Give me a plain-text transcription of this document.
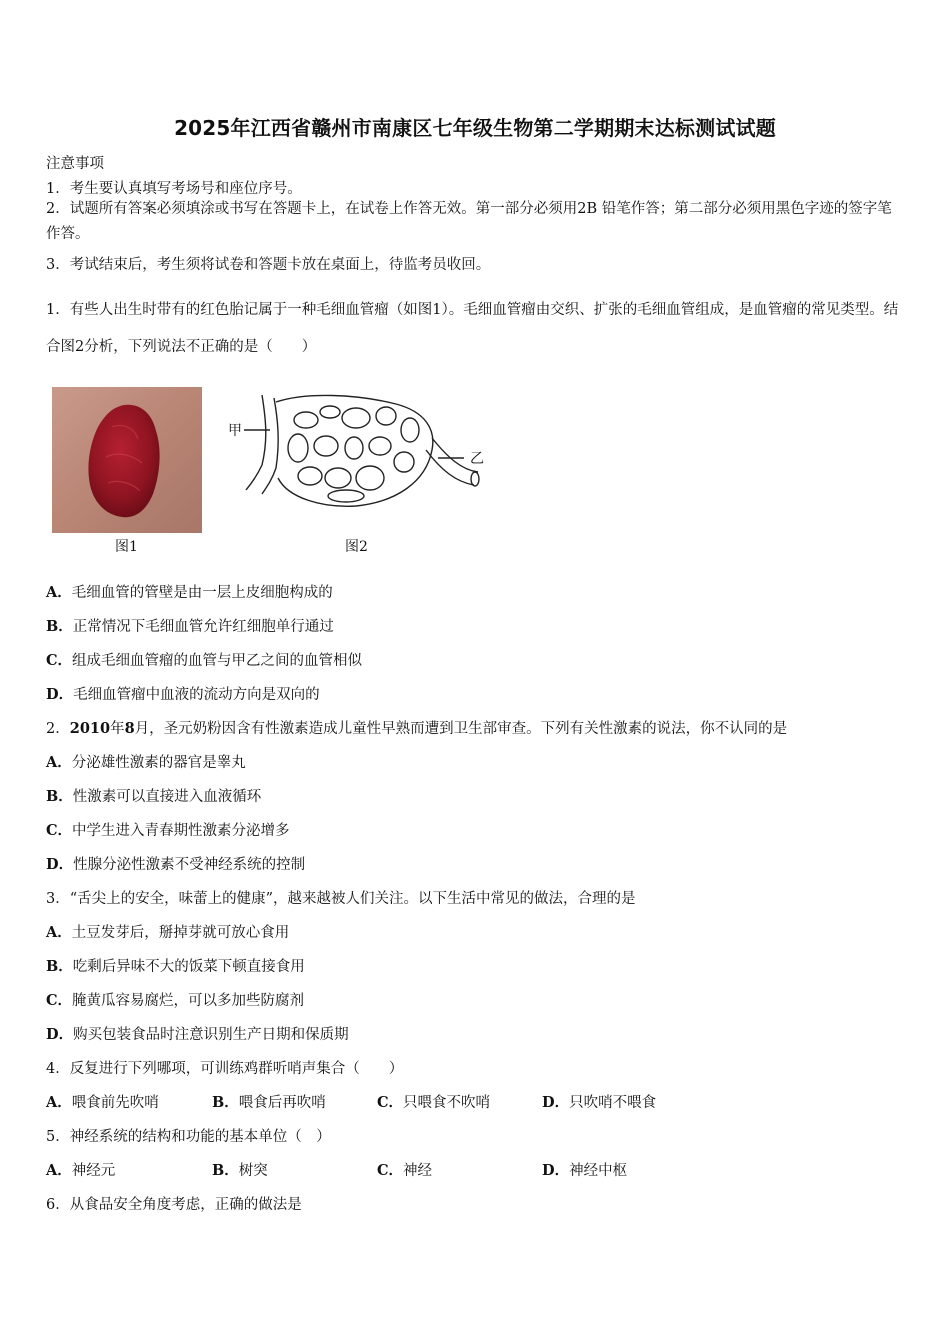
2025年江西省赣州市南康区七年级生物第二学期期末达标测试试题
注意事项
1．考生要认真填写考场号和座位序号。
2．试题所有答案必须填涂或书写在答题卡上，在试卷上作答无效。第一部分必须用2B 铅笔作答；第二部分必须用黑色字迹的签字笔作答。
3．考试结束后，考生须将试卷和答题卡放在桌面上，待监考员收回。
1．有些人出生时带有的红色胎记属于一种毛细血管瘤（如图1）。毛细血管瘤由交织、扩张的毛细血管组成，是血管瘤的常见类型。结合图2分析，下列说法不正确的是（　　）
图1
甲
乙
图2
A．毛细血管的管壁是由一层上皮细胞构成的
B．正常情况下毛细血管允许红细胞单行通过
C．组成毛细血管瘤的血管与甲乙之间的血管相似
D．毛细血管瘤中血液的流动方向是双向的
2．2010年8月，圣元奶粉因含有性激素造成儿童性早熟而遭到卫生部审查。下列有关性激素的说法，你不认同的是
A．分泌雄性激素的器官是睾丸
B．性激素可以直接进入血液循环
C．中学生进入青春期性激素分泌增多
D．性腺分泌性激素不受神经系统的控制
3．“舌尖上的安全，味蕾上的健康”，越来越被人们关注。以下生活中常见的做法，合理的是
A．土豆发芽后，掰掉芽就可放心食用
B．吃剩后异味不大的饭菜下顿直接食用
C．腌黄瓜容易腐烂，可以多加些防腐剂
D．购买包装食品时注意识别生产日期和保质期
4．反复进行下列哪项，可训练鸡群听哨声集合（　　）
A．喂食前先吹哨	B．喂食后再吹哨	C．只喂食不吹哨	D．只吹哨不喂食
5．神经系统的结构和功能的基本单位（　）
A．神经元	B．树突	C．神经	D．神经中枢
6．从食品安全角度考虑，正确的做法是
